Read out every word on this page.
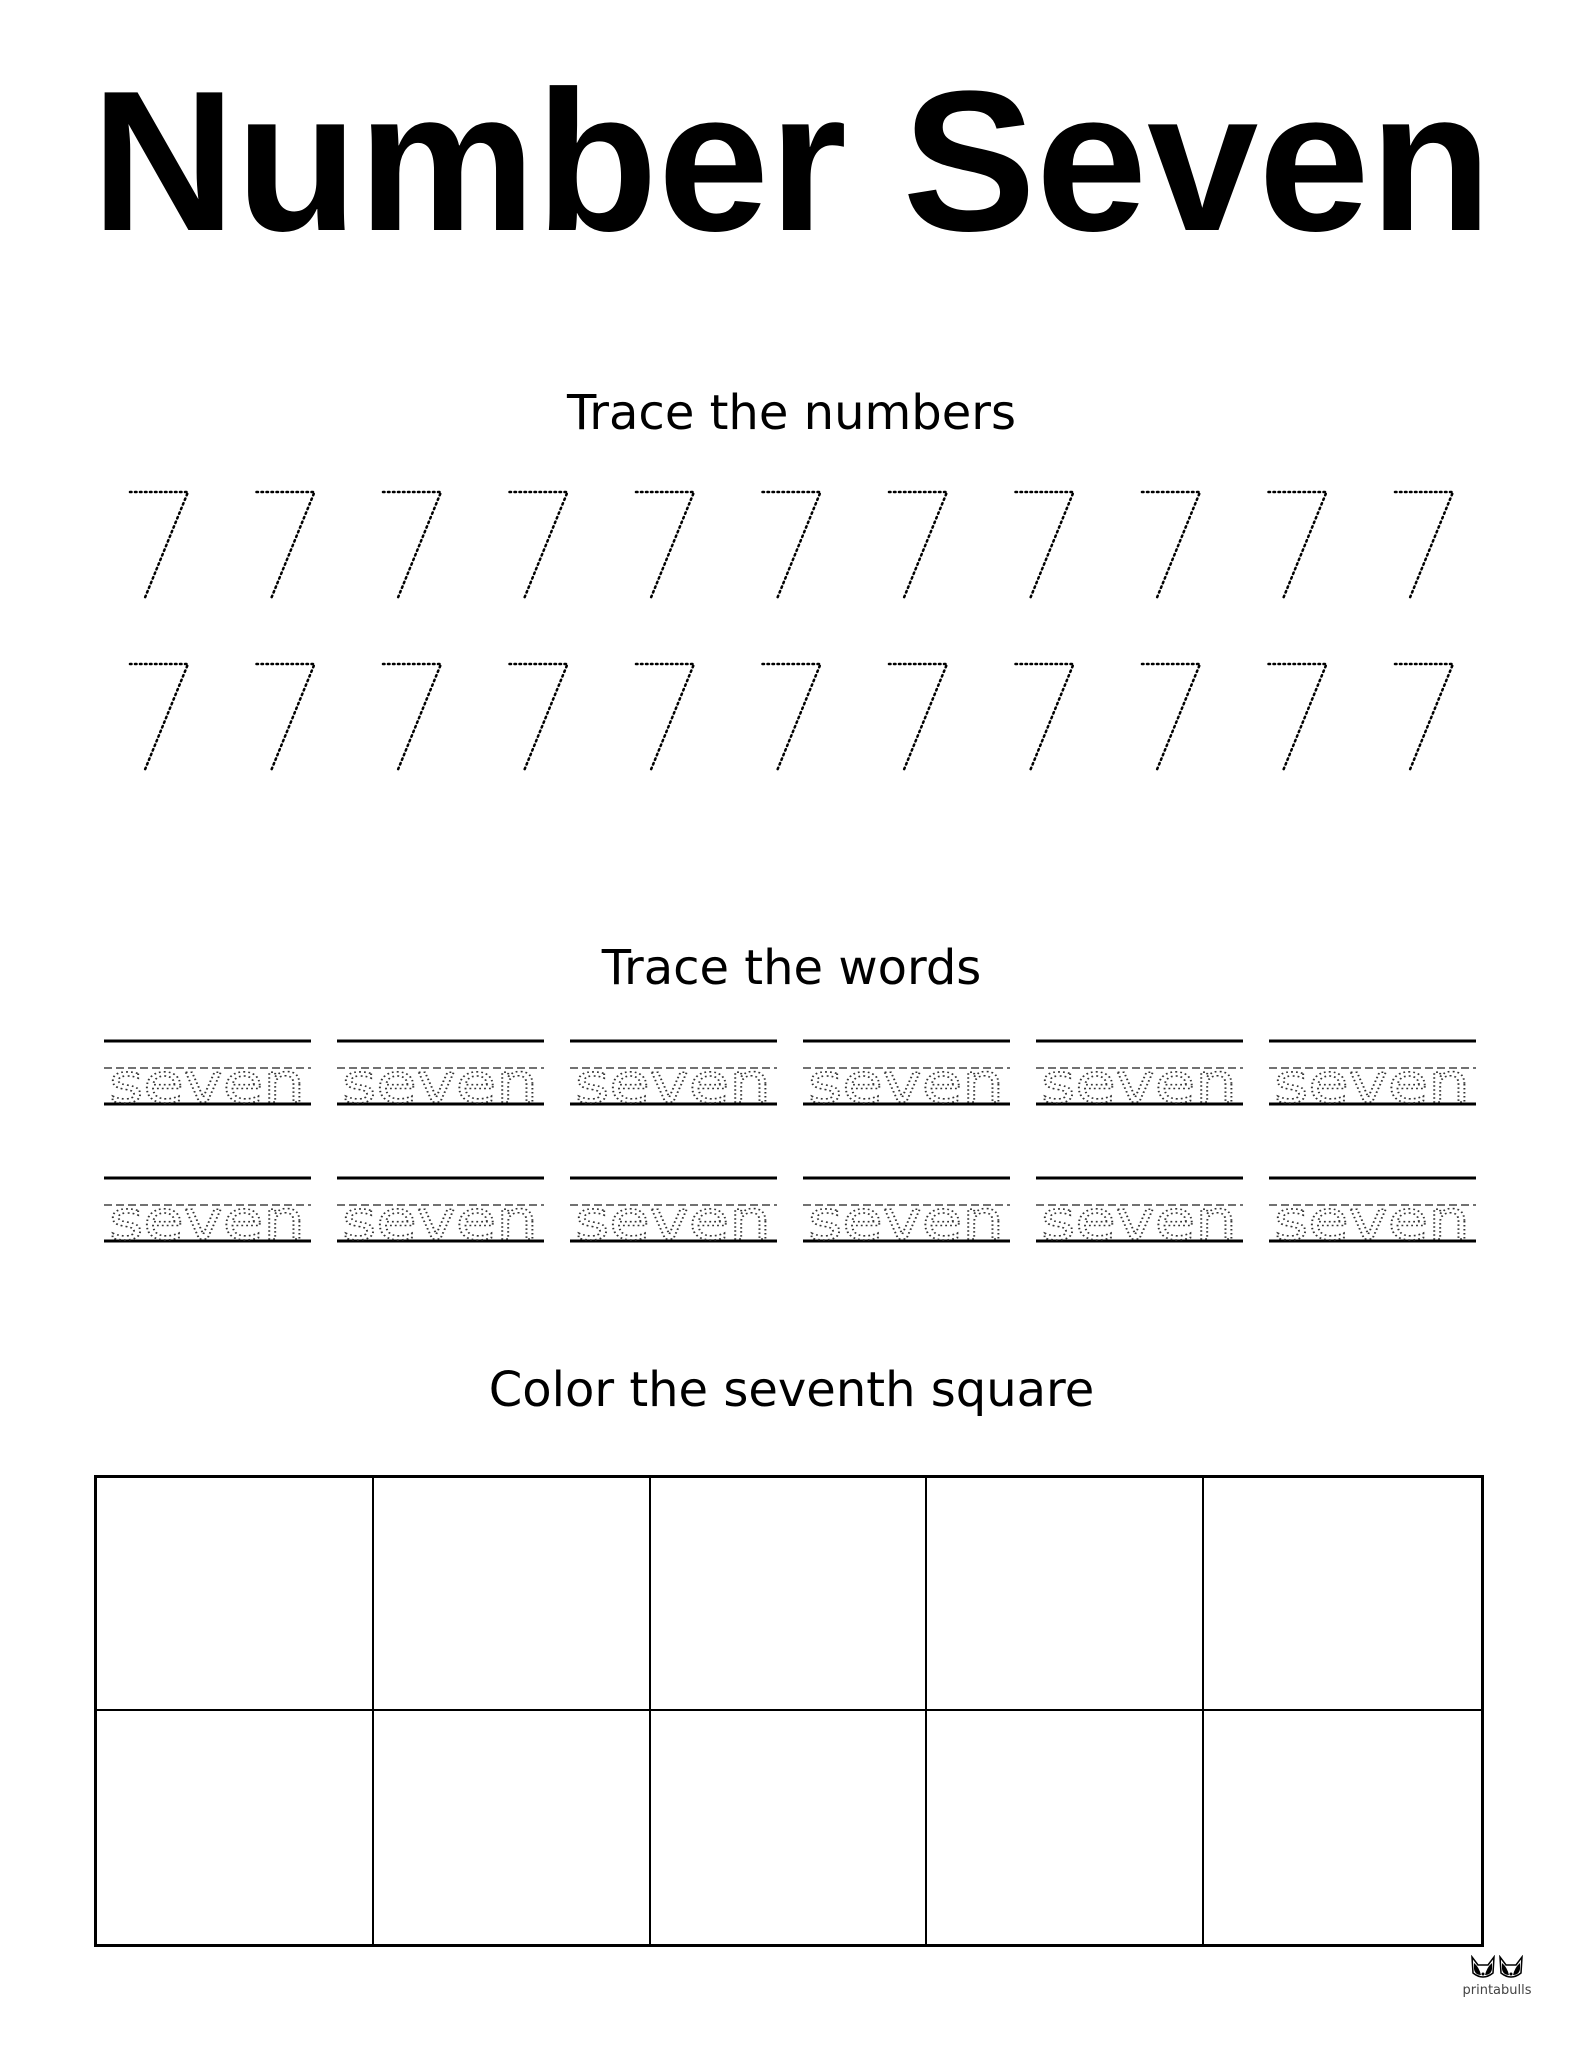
Number Seven
Trace the numbers
Trace the words
seven seven seven seven seven seven
seven seven seven seven seven seven
Color the seventh square
printabulls
